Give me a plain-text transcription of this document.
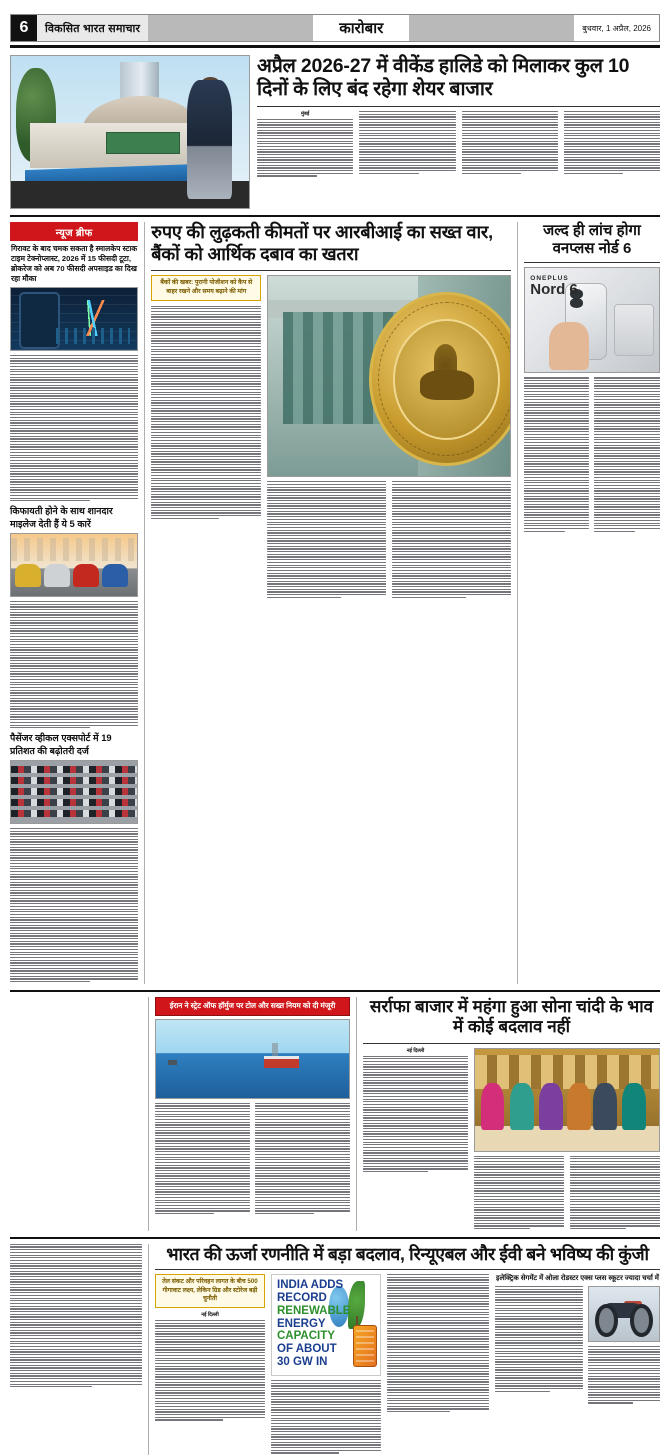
6	विकसित भारत समाचार	कारोबार	बुधवार, 1 अप्रैल, 2026
अप्रैल 2026-27 में वीकेंड हालिडे को मिलाकर कुल 10 दिनों के लिए बंद रहेगा शेयर बाजार
मुंबई
न्यूज ब्रीफ
गिरावट के बाद चमक सकता है स्मालकेप स्टाक टाइम टेक्नोप्लास्ट, 2026 में 15 फीसदी टूटा, ब्रोकरेज को अब 70 फीसदी अपसाइड का दिख रहा मौका
किफायती होने के साथ शानदार माइलेज देती हैं ये 5 कारें
पैसेंजर व्हीकल एक्सपोर्ट में 19 प्रतिशत की बढ़ोतरी दर्ज
रुपए की लुढ़कती कीमतों पर आरबीआई का सख्त वार, बैंकों को आर्थिक दबाव का खतरा
बैंकों की खबर: पुरानी पोजीशन को कैप से बाहर रखने और समय बढ़ाने की मांग
जल्द ही लांच होगा वनप्लस नोर्ड 6
ONEPLUS
Nord 6
ईरान ने स्ट्रेट ऑफ हॉर्मुज पर टोल और सख्त नियम को दी मंजूरी	सर्राफा बाजार में महंगा हुआ सोना चांदी के भाव में कोई बदलाव नहीं
नई दिल्ली
भारत की ऊर्जा रणनीति में बड़ा बदलाव, रिन्यूएबल और ईवी बने भविष्य की कुंजी
तेल संकट और परिवहन लागत के बीच 500 गीगावाट लक्ष्य, लेकिन ग्रिड और स्टोरेज बड़ी चुनौती
नई दिल्ली
INDIA ADDS
RECORD
RENEWABLE
ENERGY
CAPACITY
OF ABOUT
30 GW IN
इलेक्ट्रिक सेगमेंट में ओला रोडस्टर एक्स प्लस स्कूटर ज्यादा चर्चा में
